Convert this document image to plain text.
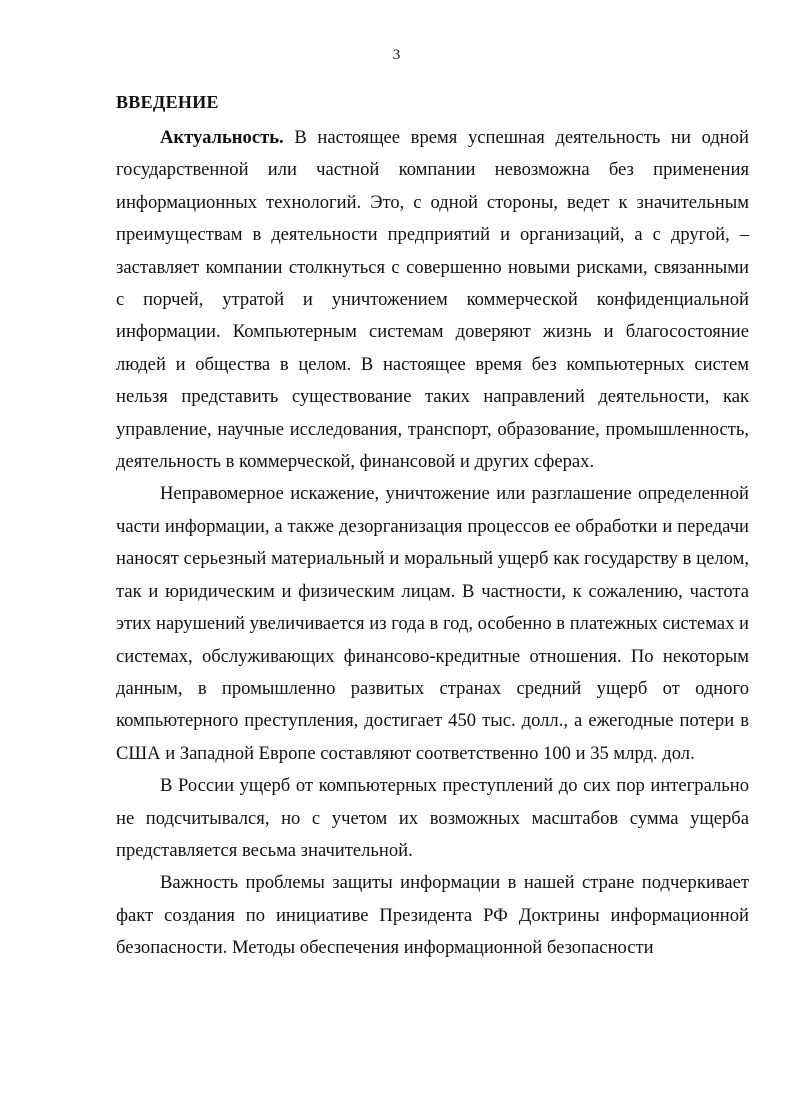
3
ВВЕДЕНИЕ

Актуальность. В настоящее время успешная деятельность ни одной государственной или частной компании невозможна без применения информационных технологий. Это, с одной стороны, ведет к значительным преимуществам в деятельности предприятий и организаций, а с другой, – заставляет компании столкнуться с совершенно новыми рисками, связанными с порчей, утратой и уничтожением коммерческой конфиденциальной информации. Компьютерным системам доверяют жизнь и благосостояние людей и общества в целом. В настоящее время без компьютерных систем нельзя представить существование таких направлений деятельности, как управление, научные исследования, транспорт, образование, промышленность, деятельность в коммерческой, финансовой и других сферах.

Неправомерное искажение, уничтожение или разглашение определенной части информации, а также дезорганизация процессов ее обработки и передачи наносят серьезный материальный и моральный ущерб как государству в целом, так и юридическим и физическим лицам. В частности, к сожалению, частота этих нарушений увеличивается из года в год, особенно в платежных системах и системах, обслуживающих финансово-кредитные отношения. По некоторым данным, в промышленно развитых странах средний ущерб от одного компьютерного преступления, достигает 450 тыс. долл., а ежегодные потери в США и Западной Европе составляют соответственно 100 и 35 млрд. дол.

В России ущерб от компьютерных преступлений до сих пор интегрально не подсчитывался, но с учетом их возможных масштабов сумма ущерба представляется весьма значительной.

Важность проблемы защиты информации в нашей стране подчеркивает факт создания по инициативе Президента РФ Доктрины информационной безопасности. Методы обеспечения информационной безопасности
